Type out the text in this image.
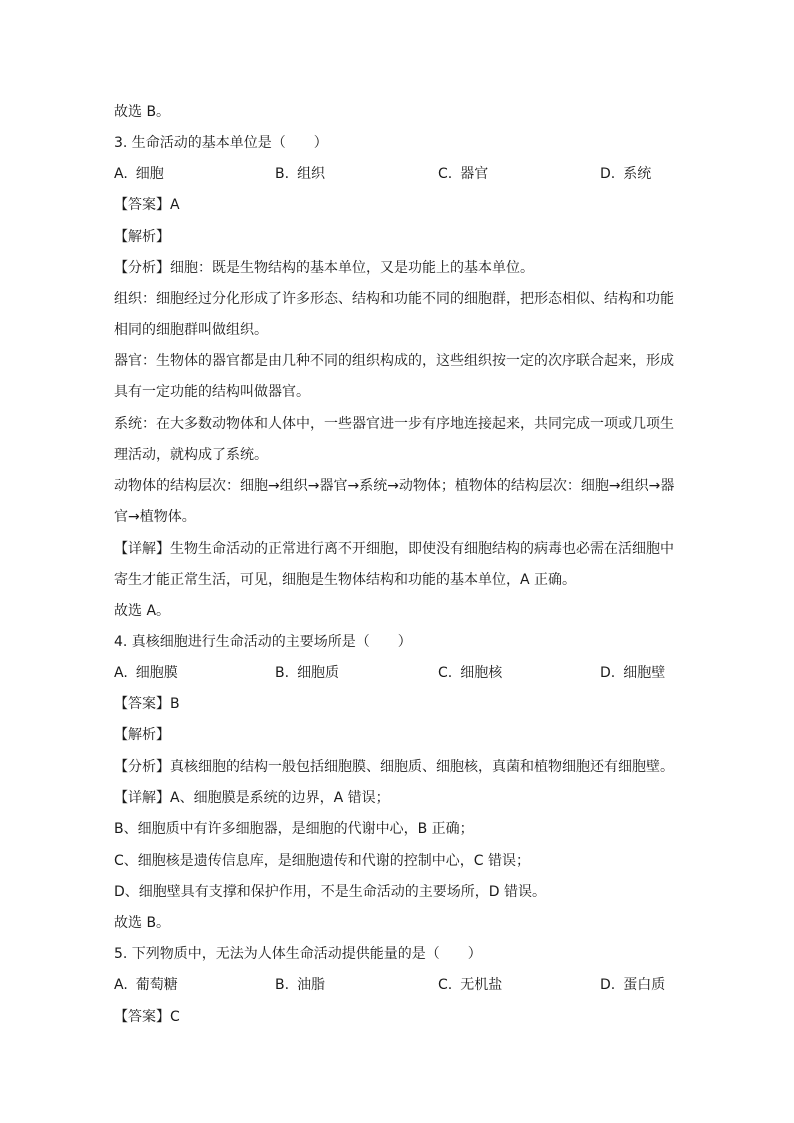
故选 B。
3. 生命活动的基本单位是（　　）
A. 细胞	B. 组织	C. 器官	D. 系统
【答案】A
【解析】
【分析】细胞：既是生物结构的基本单位，又是功能上的基本单位。
组织：细胞经过分化形成了许多形态、结构和功能不同的细胞群，把形态相似、结构和功能相同的细胞群叫做组织。
器官：生物体的器官都是由几种不同的组织构成的，这些组织按一定的次序联合起来，形成具有一定功能的结构叫做器官。
系统：在大多数动物体和人体中，一些器官进一步有序地连接起来，共同完成一项或几项生理活动，就构成了系统。
动物体的结构层次：细胞→组织→器官→系统→动物体；植物体的结构层次：细胞→组织→器官→植物体。
【详解】生物生命活动的正常进行离不开细胞，即使没有细胞结构的病毒也必需在活细胞中寄生才能正常生活，可见，细胞是生物体结构和功能的基本单位，A 正确。
故选 A。
4. 真核细胞进行生命活动的主要场所是（　　）
A. 细胞膜	B. 细胞质	C. 细胞核	D. 细胞壁
【答案】B
【解析】
【分析】真核细胞的结构一般包括细胞膜、细胞质、细胞核，真菌和植物细胞还有细胞壁。
【详解】A、细胞膜是系统的边界，A 错误；
B、细胞质中有许多细胞器，是细胞的代谢中心，B 正确；
C、细胞核是遗传信息库，是细胞遗传和代谢的控制中心，C 错误；
D、细胞壁具有支撑和保护作用，不是生命活动的主要场所，D 错误。
故选 B。
5. 下列物质中，无法为人体生命活动提供能量的是（　　）
A. 葡萄糖	B. 油脂	C. 无机盐	D. 蛋白质
【答案】C
